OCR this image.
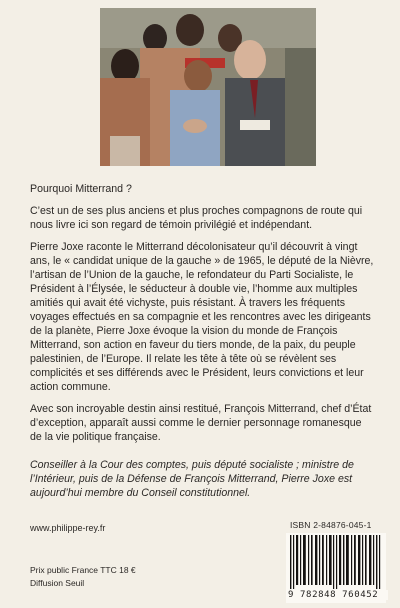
Pourquoi Mitterrand ?

C’est un de ses plus anciens et plus proches compagnons de route qui nous livre ici son regard de témoin privilégié et indépendant.

Pierre Joxe raconte le Mitterrand décolonisateur qu’il découvrit à vingt ans, le « candidat unique de la gauche » de 1965, le député de la Nièvre, l’artisan de l’Union de la gauche, le refondateur du Parti Socialiste, le Président à l’Élysée, le séducteur à double vie, l’homme aux multiples amitiés qui avait été vichyste, puis résistant. À travers les fréquents voyages effectués en sa compagnie et les rencontres avec les dirigeants de la planète, Pierre Joxe évoque la vision du monde de François Mitterrand, son action en faveur du tiers monde, de la paix, du peuple palestinien, de l’Europe. Il relate les tête à tête où se révèlent ses complicités et ses différends avec le Président, leurs convictions et leur action commune.

Avec son incroyable destin ainsi restitué, François Mitterrand, chef d’État d’exception, apparaît aussi comme le dernier personnage romanesque de la vie politique française.

Conseiller à la Cour des comptes, puis député socialiste ; ministre de l’Intérieur, puis de la Défense de François Mitterrand, Pierre Joxe est aujourd’hui membre du Conseil constitutionnel.

www.philippe-rey.fr
Prix public France TTC 18 €
Diffusion Seuil
ISBN 2-84876-045-1
9 782848 760452
